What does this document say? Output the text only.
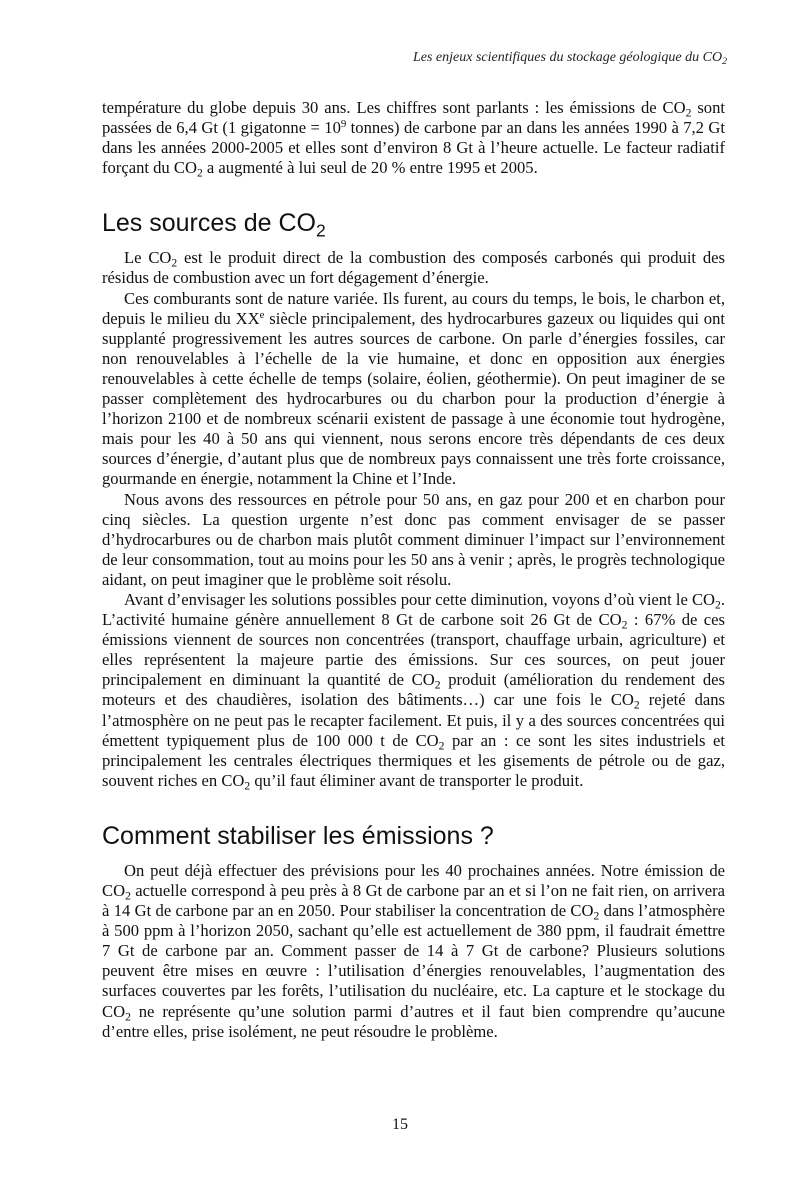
Les enjeux scientifiques du stockage géologique du $CO_2$

température du globe depuis 30 ans. Les chiffres sont parlants : les émissions de $CO_2$ sont passées de 6,4 Gt (1 gigatonne = $10^9$ tonnes) de carbone par an dans les années 1990 à 7,2 Gt dans les années 2000-2005 et elles sont d’environ 8 Gt à l’heure actuelle. Le facteur radiatif forçant du $CO_2$ a augmenté à lui seul de 20 % entre 1995 et 2005.

Les sources de $CO_2$

Le $CO_2$ est le produit direct de la combustion des composés carbonés qui produit des résidus de combustion avec un fort dégagement d’énergie.

Ces comburants sont de nature variée. Ils furent, au cours du temps, le bois, le charbon et, depuis le milieu du XXe siècle principalement, des hydrocarbures gazeux ou liquides qui ont supplanté progressivement les autres sources de carbone. On parle d’énergies fossiles, car non renouvelables à l’échelle de la vie humaine, et donc en opposition aux énergies renouvelables à cette échelle de temps (solaire, éolien, géothermie). On peut imaginer de se passer complètement des hydrocarbures ou du charbon pour la production d’énergie à l’horizon 2100 et de nombreux scénarii existent de passage à une économie tout hydrogène, mais pour les 40 à 50 ans qui viennent, nous serons encore très dépendants de ces deux sources d’énergie, d’autant plus que de nombreux pays connaissent une très forte croissance, gourmande en énergie, notamment la Chine et l’Inde.

Nous avons des ressources en pétrole pour 50 ans, en gaz pour 200 et en charbon pour cinq siècles. La question urgente n’est donc pas comment envisager de se passer d’hydrocarbures ou de charbon mais plutôt comment diminuer l’impact sur l’environnement de leur consommation, tout au moins pour les 50 ans à venir ; après, le progrès technologique aidant, on peut imaginer que le problème soit résolu.

Avant d’envisager les solutions possibles pour cette diminution, voyons d’où vient le $CO_2$. L’activité humaine génère annuellement 8 Gt de carbone soit 26 Gt de $CO_2$ : 67% de ces émissions viennent de sources non concentrées (transport, chauffage urbain, agriculture) et elles représentent la majeure partie des émissions. Sur ces sources, on peut jouer principalement en diminuant la quantité de $CO_2$ produit (amélioration du rendement des moteurs et des chaudières, isolation des bâtiments…) car une fois le $CO_2$ rejeté dans l’atmosphère on ne peut pas le recapter facilement. Et puis, il y a des sources concentrées qui émettent typiquement plus de 100 000 t de $CO_2$ par an : ce sont les sites industriels et principalement les centrales électriques thermiques et les gisements de pétrole ou de gaz, souvent riches en $CO_2$ qu’il faut éliminer avant de transporter le produit.

Comment stabiliser les émissions ?

On peut déjà effectuer des prévisions pour les 40 prochaines années. Notre émission de $CO_2$ actuelle correspond à peu près à 8 Gt de carbone par an et si l’on ne fait rien, on arrivera à 14 Gt de carbone par an en 2050. Pour stabiliser la concentration de $CO_2$ dans l’atmosphère à 500 ppm à l’horizon 2050, sachant qu’elle est actuellement de 380 ppm, il faudrait émettre 7 Gt de carbone par an. Comment passer de 14 à 7 Gt de carbone? Plusieurs solutions peuvent être mises en œuvre : l’utilisation d’énergies renouvelables, l’augmentation des surfaces couvertes par les forêts, l’utilisation du nucléaire, etc. La capture et le stockage du $CO_2$ ne représente qu’une solution parmi d’autres et il faut bien comprendre qu’aucune d’entre elles, prise isolément, ne peut résoudre le problème.

15
